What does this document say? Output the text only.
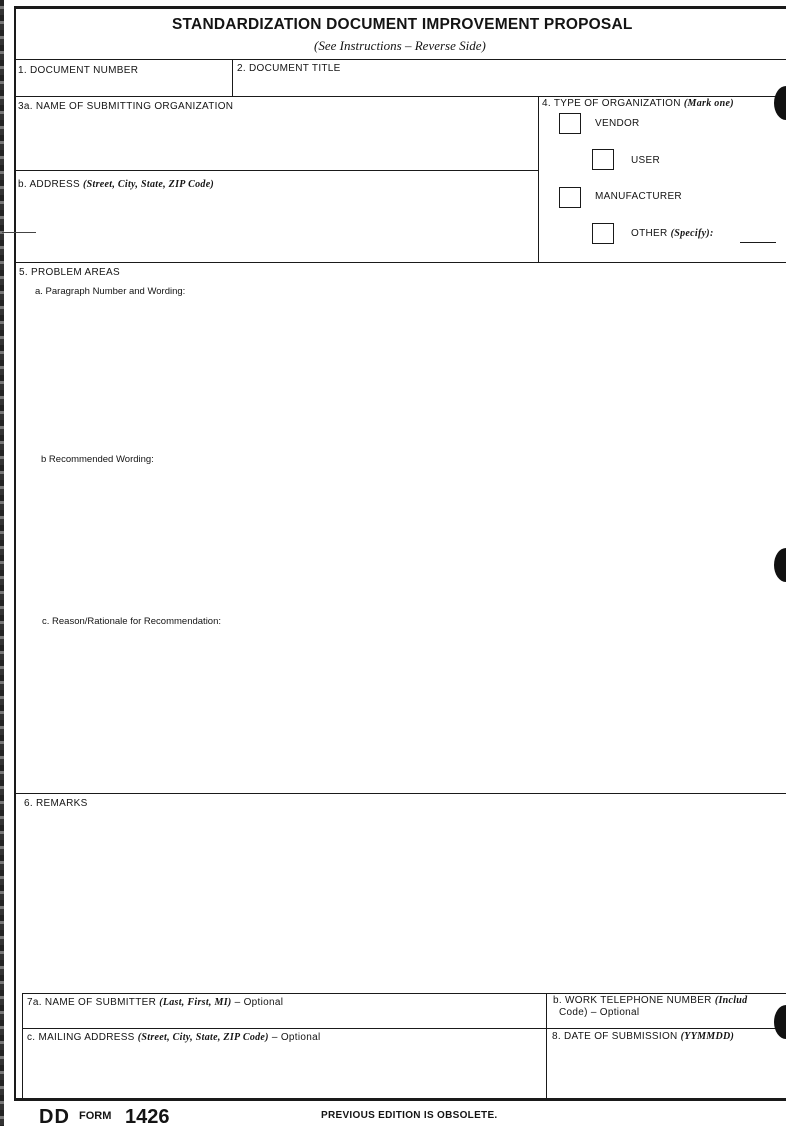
STANDARDIZATION DOCUMENT IMPROVEMENT PROPOSAL
(See Instructions – Reverse Side)
1. DOCUMENT NUMBER	2. DOCUMENT TITLE
3a. NAME OF SUBMITTING ORGANIZATION
b. ADDRESS (Street, City, State, ZIP Code)
4. TYPE OF ORGANIZATION (Mark one)
VENDOR
USER
MANUFACTURER
OTHER (Specify):
5. PROBLEM AREAS
a. Paragraph Number and Wording:
b Recommended Wording:
c. Reason/Rationale for Recommendation:
6. REMARKS
7a. NAME OF SUBMITTER (Last, First, MI) – Optional	b. WORK TELEPHONE NUMBER (Includ
Code) – Optional
c. MAILING ADDRESS (Street, City, State, ZIP Code) – Optional	8. DATE OF SUBMISSION (YYMMDD)
DD FORM 1426	PREVIOUS EDITION IS OBSOLETE.
